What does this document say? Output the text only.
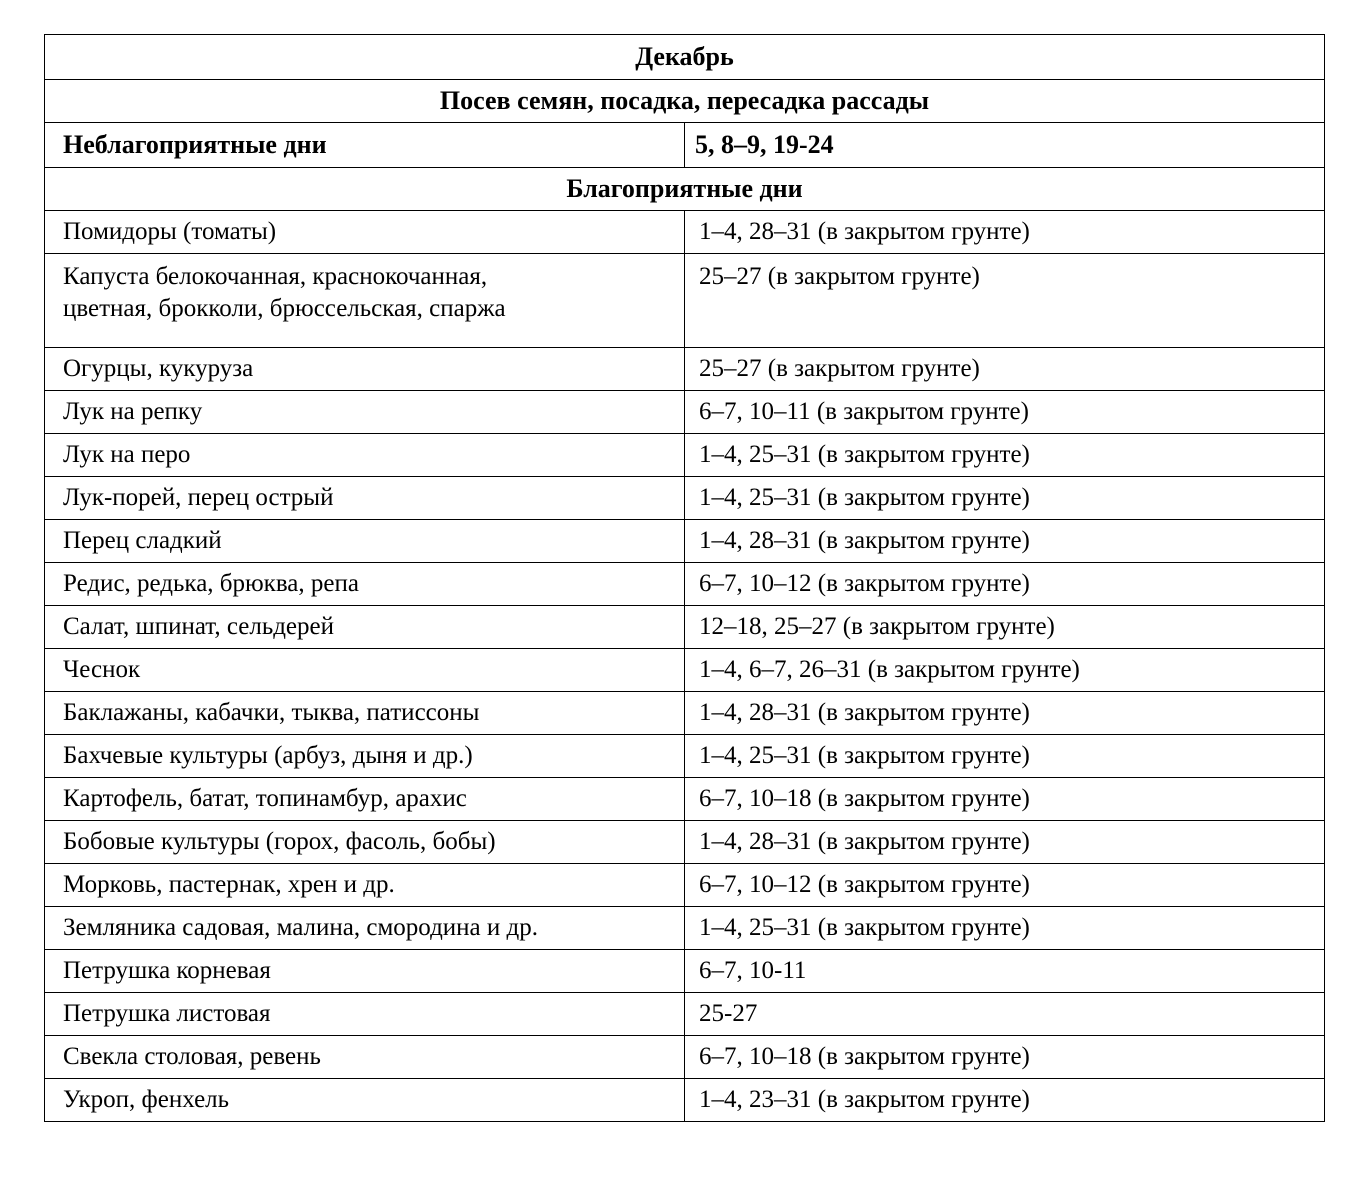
Декабрь	
Посев семян, посадка, пересадка рассады	
Неблагоприятные дни	5, 8–9, 19-24
Благоприятные дни	
Помидоры (томаты)	1–4, 28–31 (в закрытом грунте)

Капуста белокочанная, краснокочанная,
цветная, брокколи, брюссельская, спаржа	25–27 (в закрытом грунте)
Огурцы, кукуруза	25–27 (в закрытом грунте)
Лук на репку	6–7, 10–11 (в закрытом грунте)
Лук на перо	1–4, 25–31 (в закрытом грунте)
Лук-порей, перец острый	1–4, 25–31 (в закрытом грунте)
Перец сладкий	1–4, 28–31 (в закрытом грунте)
Редис, редька, брюква, репа	6–7, 10–12 (в закрытом грунте)
Салат, шпинат, сельдерей	12–18, 25–27 (в закрытом грунте)
Чеснок	1–4, 6–7, 26–31 (в закрытом грунте)
Баклажаны, кабачки, тыква, патиссоны	1–4, 28–31 (в закрытом грунте)
Бахчевые культуры (арбуз, дыня и др.)	1–4, 25–31 (в закрытом грунте)
Картофель, батат, топинамбур, арахис	6–7, 10–18 (в закрытом грунте)
Бобовые культуры (горох, фасоль, бобы)	1–4, 28–31 (в закрытом грунте)
Морковь, пастернак, хрен и др.	6–7, 10–12 (в закрытом грунте)
Земляника садовая, малина, смородина и др.	1–4, 25–31 (в закрытом грунте)
Петрушка корневая	6–7, 10-11
Петрушка листовая	25-27
Свекла столовая, ревень	6–7, 10–18 (в закрытом грунте)
Укроп, фенхель	1–4, 23–31 (в закрытом грунте)
